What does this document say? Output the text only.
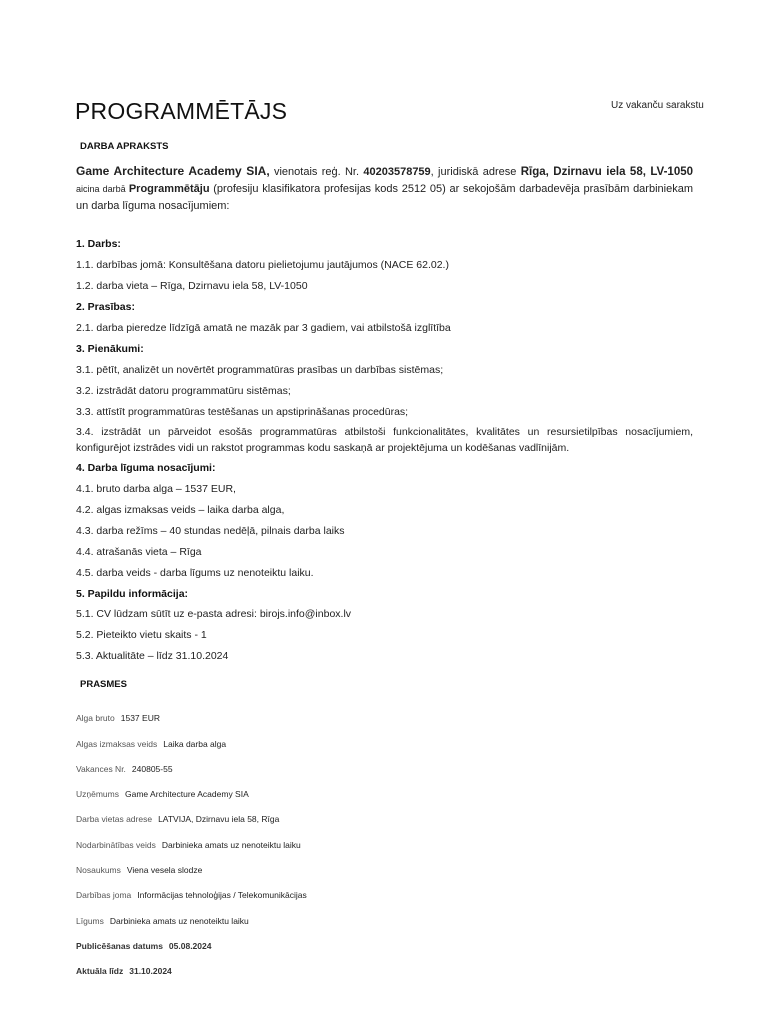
PROGRAMMĒTĀJS	Uz vakanču sarakstu
DARBA APRAKSTS
Game Architecture Academy SIA, vienotais reģ. Nr. 40203578759, juridiskā adrese Rīga, Dzirnavu iela 58, LV-1050 aicina darbā Programmētāju (profesiju klasifikatora profesijas kods 2512 05) ar sekojošām darbadevēja prasībām darbiniekam un darba līguma nosacījumiem:
1. Darbs:
1.1. darbības jomā: Konsultēšana datoru pielietojumu jautājumos (NACE 62.02.)
1.2. darba vieta – Rīga, Dzirnavu iela 58, LV-1050
2. Prasības:
2.1. darba pieredze līdzīgā amatā ne mazāk par 3 gadiem, vai atbilstošā izglītība
3. Pienākumi:
3.1. pētīt, analizēt un novērtēt programmatūras prasības un darbības sistēmas;
3.2. izstrādāt datoru programmatūru sistēmas;
3.3. attīstīt programmatūras testēšanas un apstiprināšanas procedūras;
3.4. izstrādāt un pārveidot esošās programmatūras atbilstoši funkcionalitātes, kvalitātes un resursietilpības nosacījumiem, konfigurējot izstrādes vidi un rakstot programmas kodu saskaņā ar projektējuma un kodēšanas vadlīnijām.
4. Darba līguma nosacījumi:
4.1. bruto darba alga – 1537 EUR,
4.2. algas izmaksas veids – laika darba alga,
4.3. darba režīms – 40 stundas nedēļā, pilnais darba laiks
4.4. atrašanās vieta – Rīga
4.5. darba veids - darba līgums uz nenoteiktu laiku.
5. Papildu informācija:
5.1. CV lūdzam sūtīt uz e-pasta adresi: birojs.info@inbox.lv
5.2. Pieteikto vietu skaits - 1
5.3. Aktualitāte – līdz 31.10.2024
PRASMES
Alga bruto 1537 EUR
Algas izmaksas veids Laika darba alga
Vakances Nr. 240805-55
Uzņēmums Game Architecture Academy SIA
Darba vietas adrese LATVIJA, Dzirnavu iela 58, Rīga
Nodarbinātības veids Darbinieka amats uz nenoteiktu laiku
Nosaukums Viena vesela slodze
Darbības joma Informācijas tehnoloģijas / Telekomunikācijas
Līgums Darbinieka amats uz nenoteiktu laiku
Publicēšanas datums 05.08.2024
Aktuāla līdz 31.10.2024
